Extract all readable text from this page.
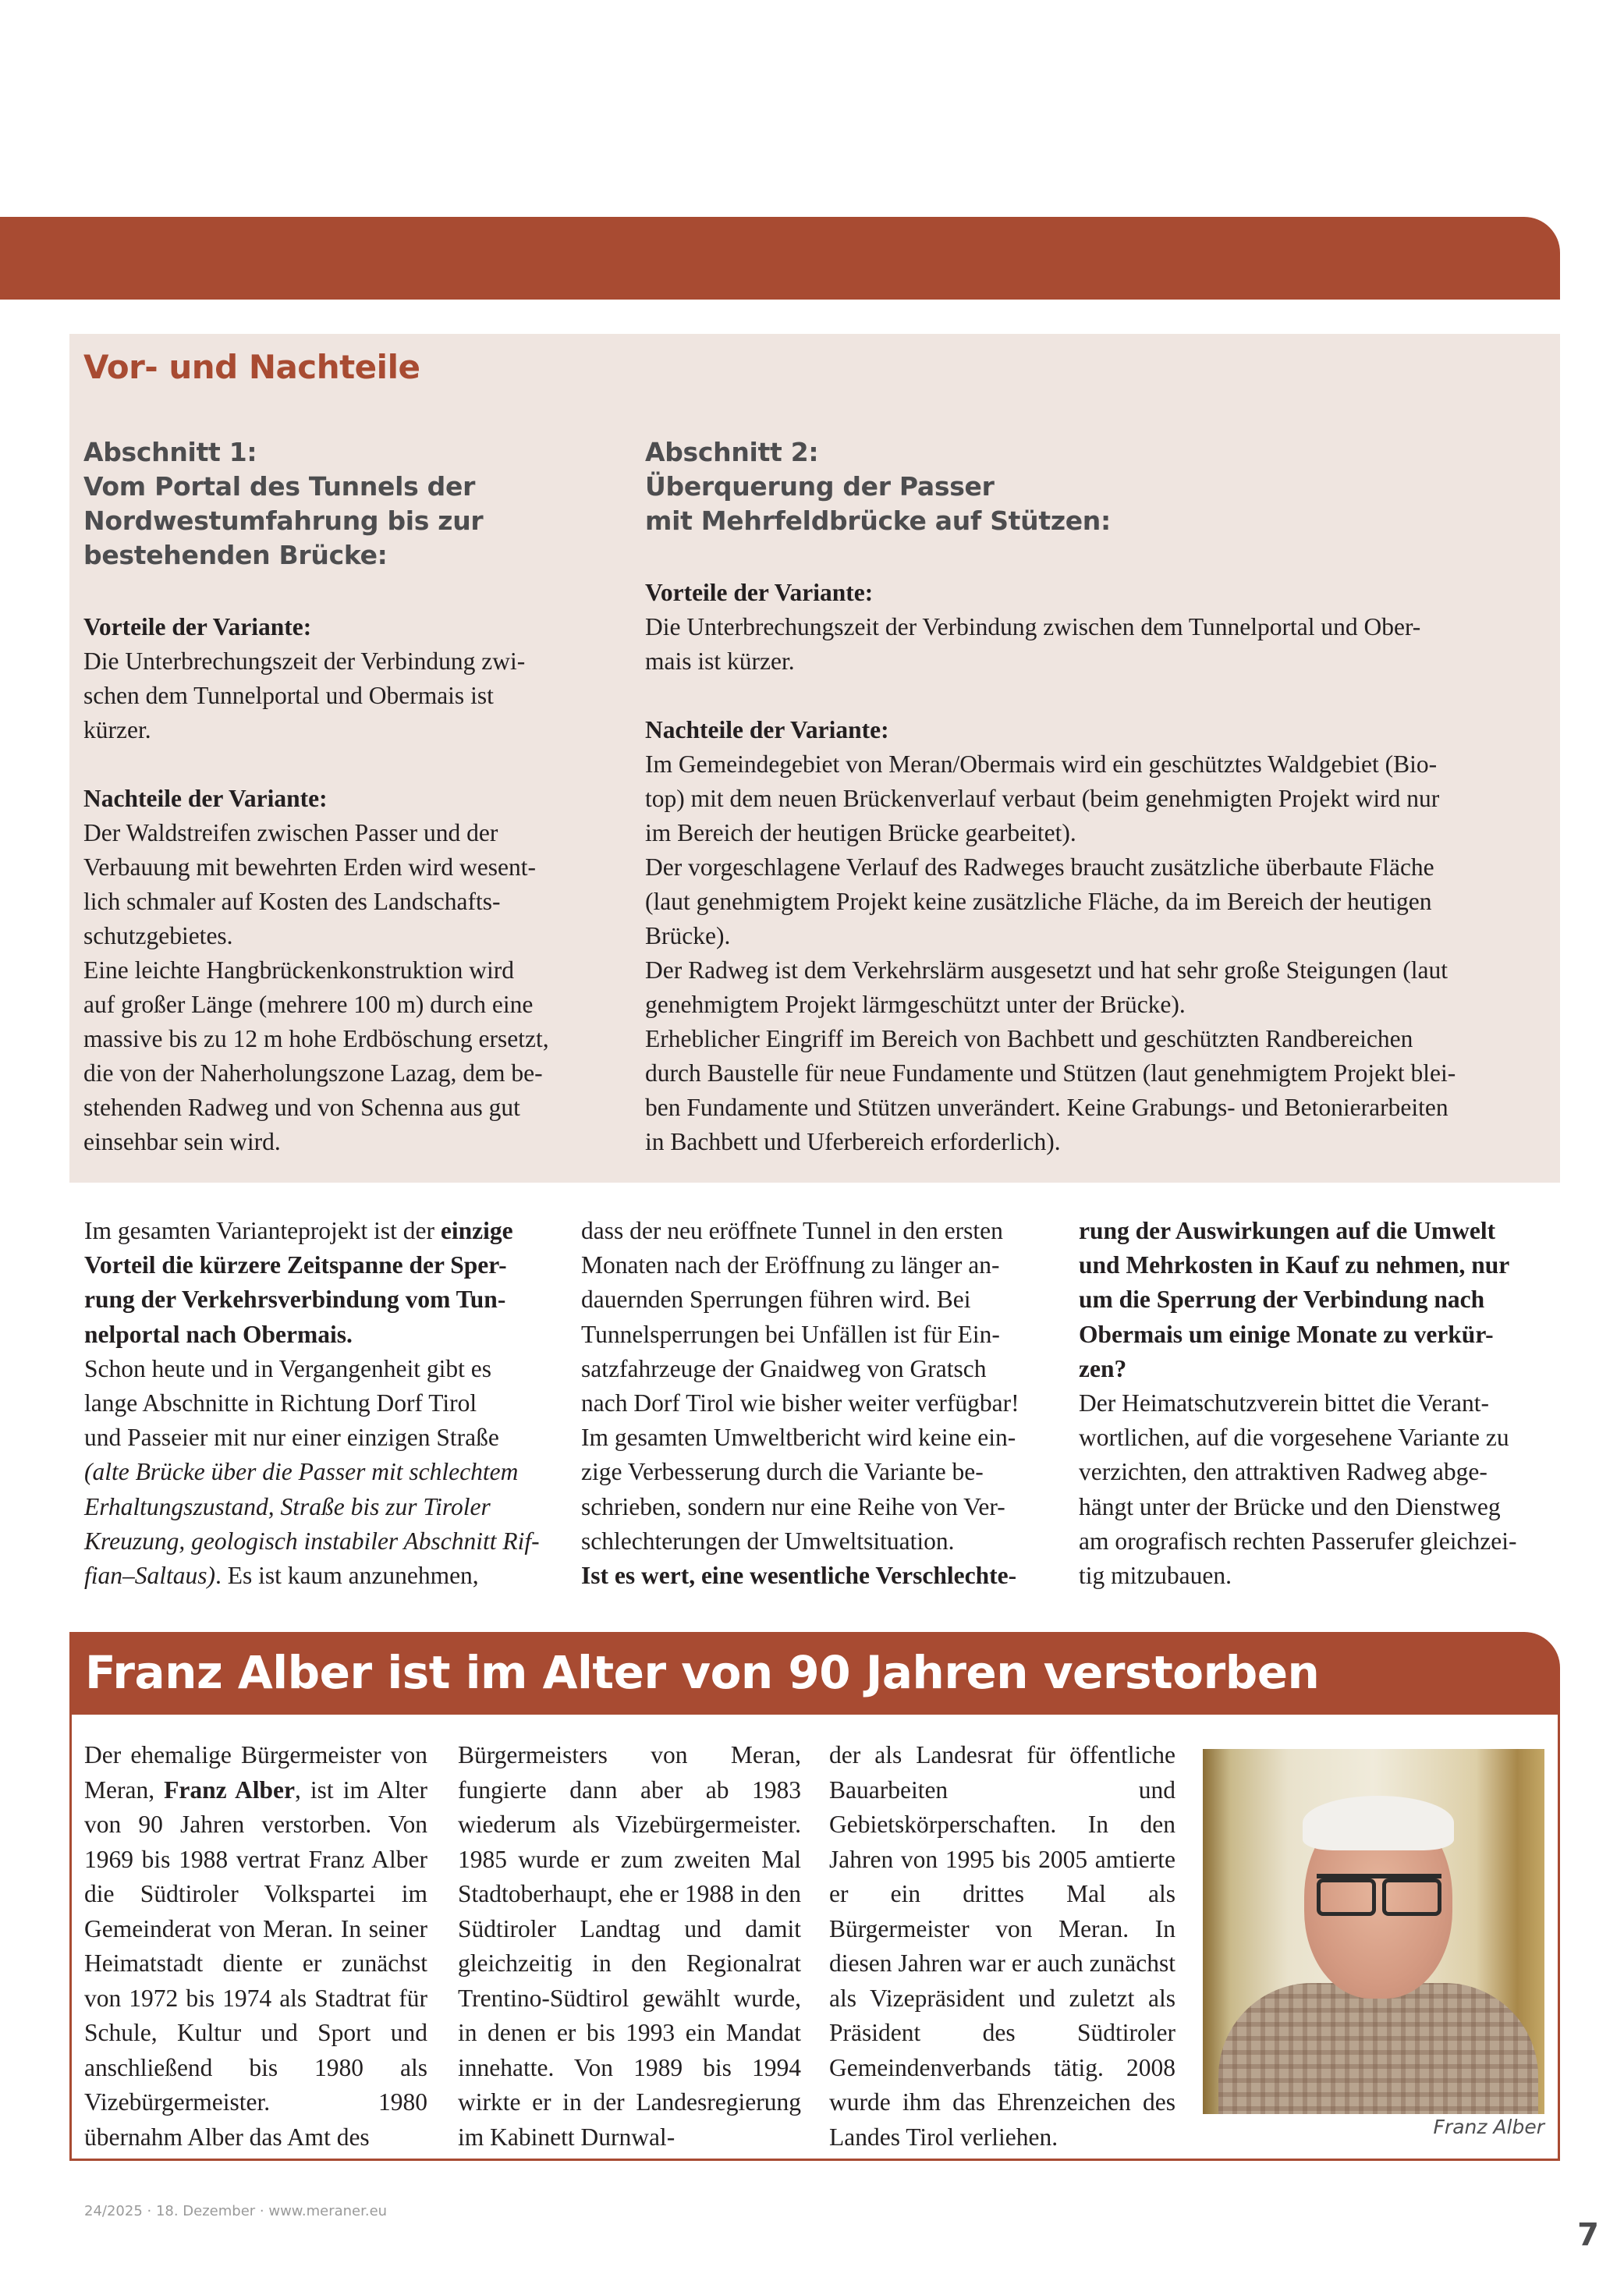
Vor- und Nachteile
Abschnitt 1:
Vom Portal des Tunnels der
Nordwestumfahrung bis zur
bestehenden Brücke:
Vorteile der Variante:
Die Unterbrechungszeit der Verbindung zwi-
schen dem Tunnelportal und Obermais ist
kürzer.
Nachteile der Variante:
Der Waldstreifen zwischen Passer und der
Verbauung mit bewehrten Erden wird wesent-
lich schmaler auf Kosten des Landschafts-
schutzgebietes.
Eine leichte Hangbrückenkonstruktion wird
auf großer Länge (mehrere 100 m) durch eine
massive bis zu 12 m hohe Erdböschung ersetzt,
die von der Naherholungszone Lazag, dem be-
stehenden Radweg und von Schenna aus gut
einsehbar sein wird.
Abschnitt 2:
Überquerung der Passer
mit Mehrfeldbrücke auf Stützen:
Vorteile der Variante:
Die Unterbrechungszeit der Verbindung zwischen dem Tunnelportal und Ober-
mais ist kürzer.
Nachteile der Variante:
Im Gemeindegebiet von Meran/Obermais wird ein geschütztes Waldgebiet (Bio-
top) mit dem neuen Brückenverlauf verbaut (beim genehmigten Projekt wird nur
im Bereich der heutigen Brücke gearbeitet).
Der vorgeschlagene Verlauf des Radweges braucht zusätzliche überbaute Fläche
(laut genehmigtem Projekt keine zusätzliche Fläche, da im Bereich der heutigen
Brücke).
Der Radweg ist dem Verkehrslärm ausgesetzt und hat sehr große Steigungen (laut
genehmigtem Projekt lärmgeschützt unter der Brücke).
Erheblicher Eingriff im Bereich von Bachbett und geschützten Randbereichen
durch Baustelle für neue Fundamente und Stützen (laut genehmigtem Projekt blei-
ben Fundamente und Stützen unverändert. Keine Grabungs- und Betonierarbeiten
in Bachbett und Uferbereich erforderlich).
Im gesamten Varianteprojekt ist der einzige
Vorteil die kürzere Zeitspanne der Sper-
rung der Verkehrsverbindung vom Tun-
nelportal nach Obermais.
Schon heute und in Vergangenheit gibt es
lange Abschnitte in Richtung Dorf Tirol
und Passeier mit nur einer einzigen Straße
(alte Brücke über die Passer mit schlechtem
Erhaltungszustand, Straße bis zur Tiroler
Kreuzung, geologisch instabiler Abschnitt Rif-
fian–Saltaus). Es ist kaum anzunehmen,
dass der neu eröffnete Tunnel in den ersten
Monaten nach der Eröffnung zu länger an-
dauernden Sperrungen führen wird. Bei
Tunnelsperrungen bei Unfällen ist für Ein-
satzfahrzeuge der Gnaidweg von Gratsch
nach Dorf Tirol wie bisher weiter verfügbar!
Im gesamten Umweltbericht wird keine ein-
zige Verbesserung durch die Variante be-
schrieben, sondern nur eine Reihe von Ver-
schlechterungen der Umweltsituation.
Ist es wert, eine wesentliche Verschlechte-
rung der Auswirkungen auf die Umwelt
und Mehrkosten in Kauf zu nehmen, nur
um die Sperrung der Verbindung nach
Obermais um einige Monate zu verkür-
zen?
Der Heimatschutzverein bittet die Verant-
wortlichen, auf die vorgesehene Variante zu
verzichten, den attraktiven Radweg abge-
hängt unter der Brücke und den Dienstweg
am orografisch rechten Passerufer gleichzei-
tig mitzubauen.
Franz Alber ist im Alter von 90 Jahren verstorben
Der ehemalige Bürgermeister von Meran, Franz Alber, ist im Alter von 90 Jahren verstorben. Von 1969 bis 1988 vertrat Franz Alber die Südtiroler Volkspartei im Gemeinderat von Meran. In seiner Heimatstadt diente er zunächst von 1972 bis 1974 als Stadtrat für Schule, Kultur und Sport und anschließend bis 1980 als Vizebürgermeister. 1980 übernahm Alber das Amt des
Bürgermeisters von Meran, fungierte dann aber ab 1983 wiederum als Vizebürgermeister. 1985 wurde er zum zweiten Mal Stadtoberhaupt, ehe er 1988 in den Südtiroler Landtag und damit gleichzeitig in den Regionalrat Trentino-Südtirol gewählt wurde, in denen er bis 1993 ein Mandat innehatte. Von 1989 bis 1994 wirkte er in der Landesregierung im Kabinett Durnwal-
der als Landesrat für öffentliche Bauarbeiten und Gebietskörperschaften. In den Jahren von 1995 bis 2005 amtierte er ein drittes Mal als Bürgermeister von Meran. In diesen Jahren war er auch zunächst als Vizepräsident und zuletzt als Präsident des Südtiroler Gemeindenverbands tätig. 2008 wurde ihm das Ehrenzeichen des Landes Tirol verliehen.	Franz Alber
24/2025 · 18. Dezember · www.meraner.eu
7
